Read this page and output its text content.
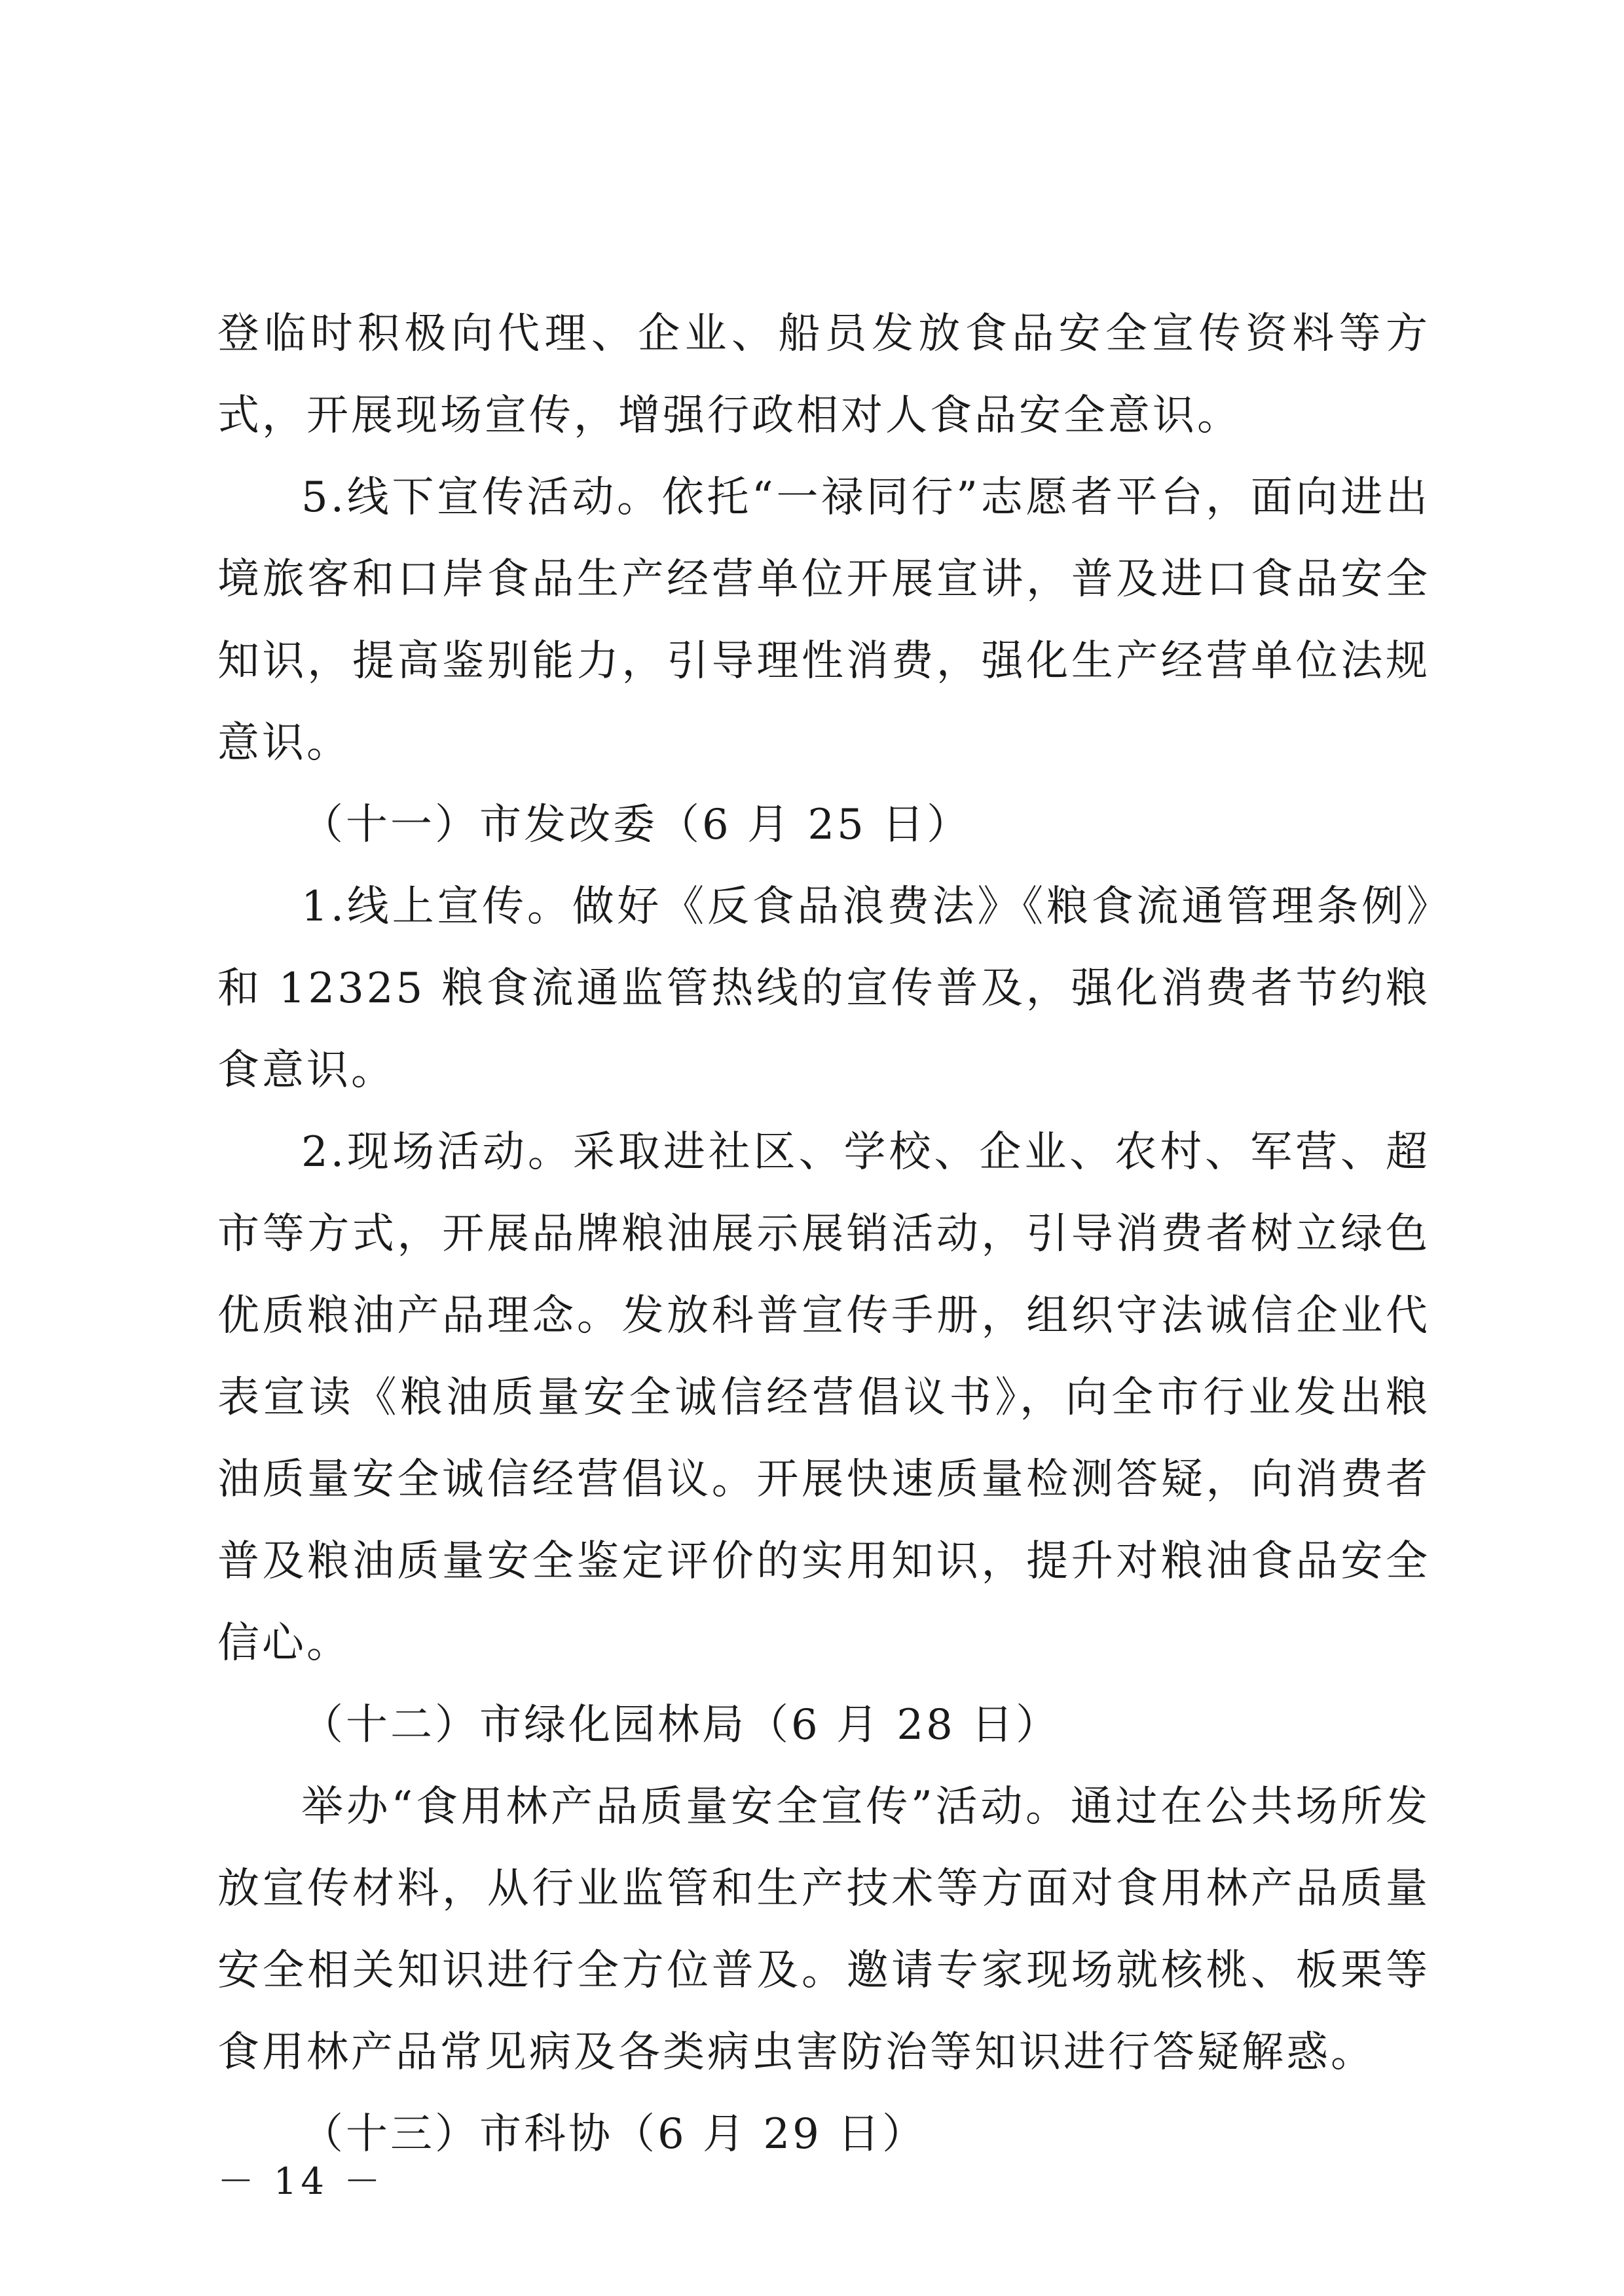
登临时积极向代理、企业、船员发放食品安全宣传资料等方式，开展现场宣传，增强行政相对人食品安全意识。

5.线下宣传活动。依托“一禄同行”志愿者平台，面向进出境旅客和口岸食品生产经营单位开展宣讲，普及进口食品安全知识，提高鉴别能力，引导理性消费，强化生产经营单位法规意识。

（十一）市发改委（6 月 25 日）

1.线上宣传。做好《反食品浪费法》《粮食流通管理条例》和 12325 粮食流通监管热线的宣传普及，强化消费者节约粮食意识。

2.现场活动。采取进社区、学校、企业、农村、军营、超市等方式，开展品牌粮油展示展销活动，引导消费者树立绿色优质粮油产品理念。发放科普宣传手册，组织守法诚信企业代表宣读《粮油质量安全诚信经营倡议书》，向全市行业发出粮油质量安全诚信经营倡议。开展快速质量检测答疑，向消费者普及粮油质量安全鉴定评价的实用知识，提升对粮油食品安全信心。

（十二）市绿化园林局（6 月 28 日）

举办“食用林产品质量安全宣传”活动。通过在公共场所发放宣传材料，从行业监管和生产技术等方面对食用林产品质量安全相关知识进行全方位普及。邀请专家现场就核桃、板栗等食用林产品常见病及各类病虫害防治等知识进行答疑解惑。

（十三）市科协（6 月 29 日）

－ 14 －
